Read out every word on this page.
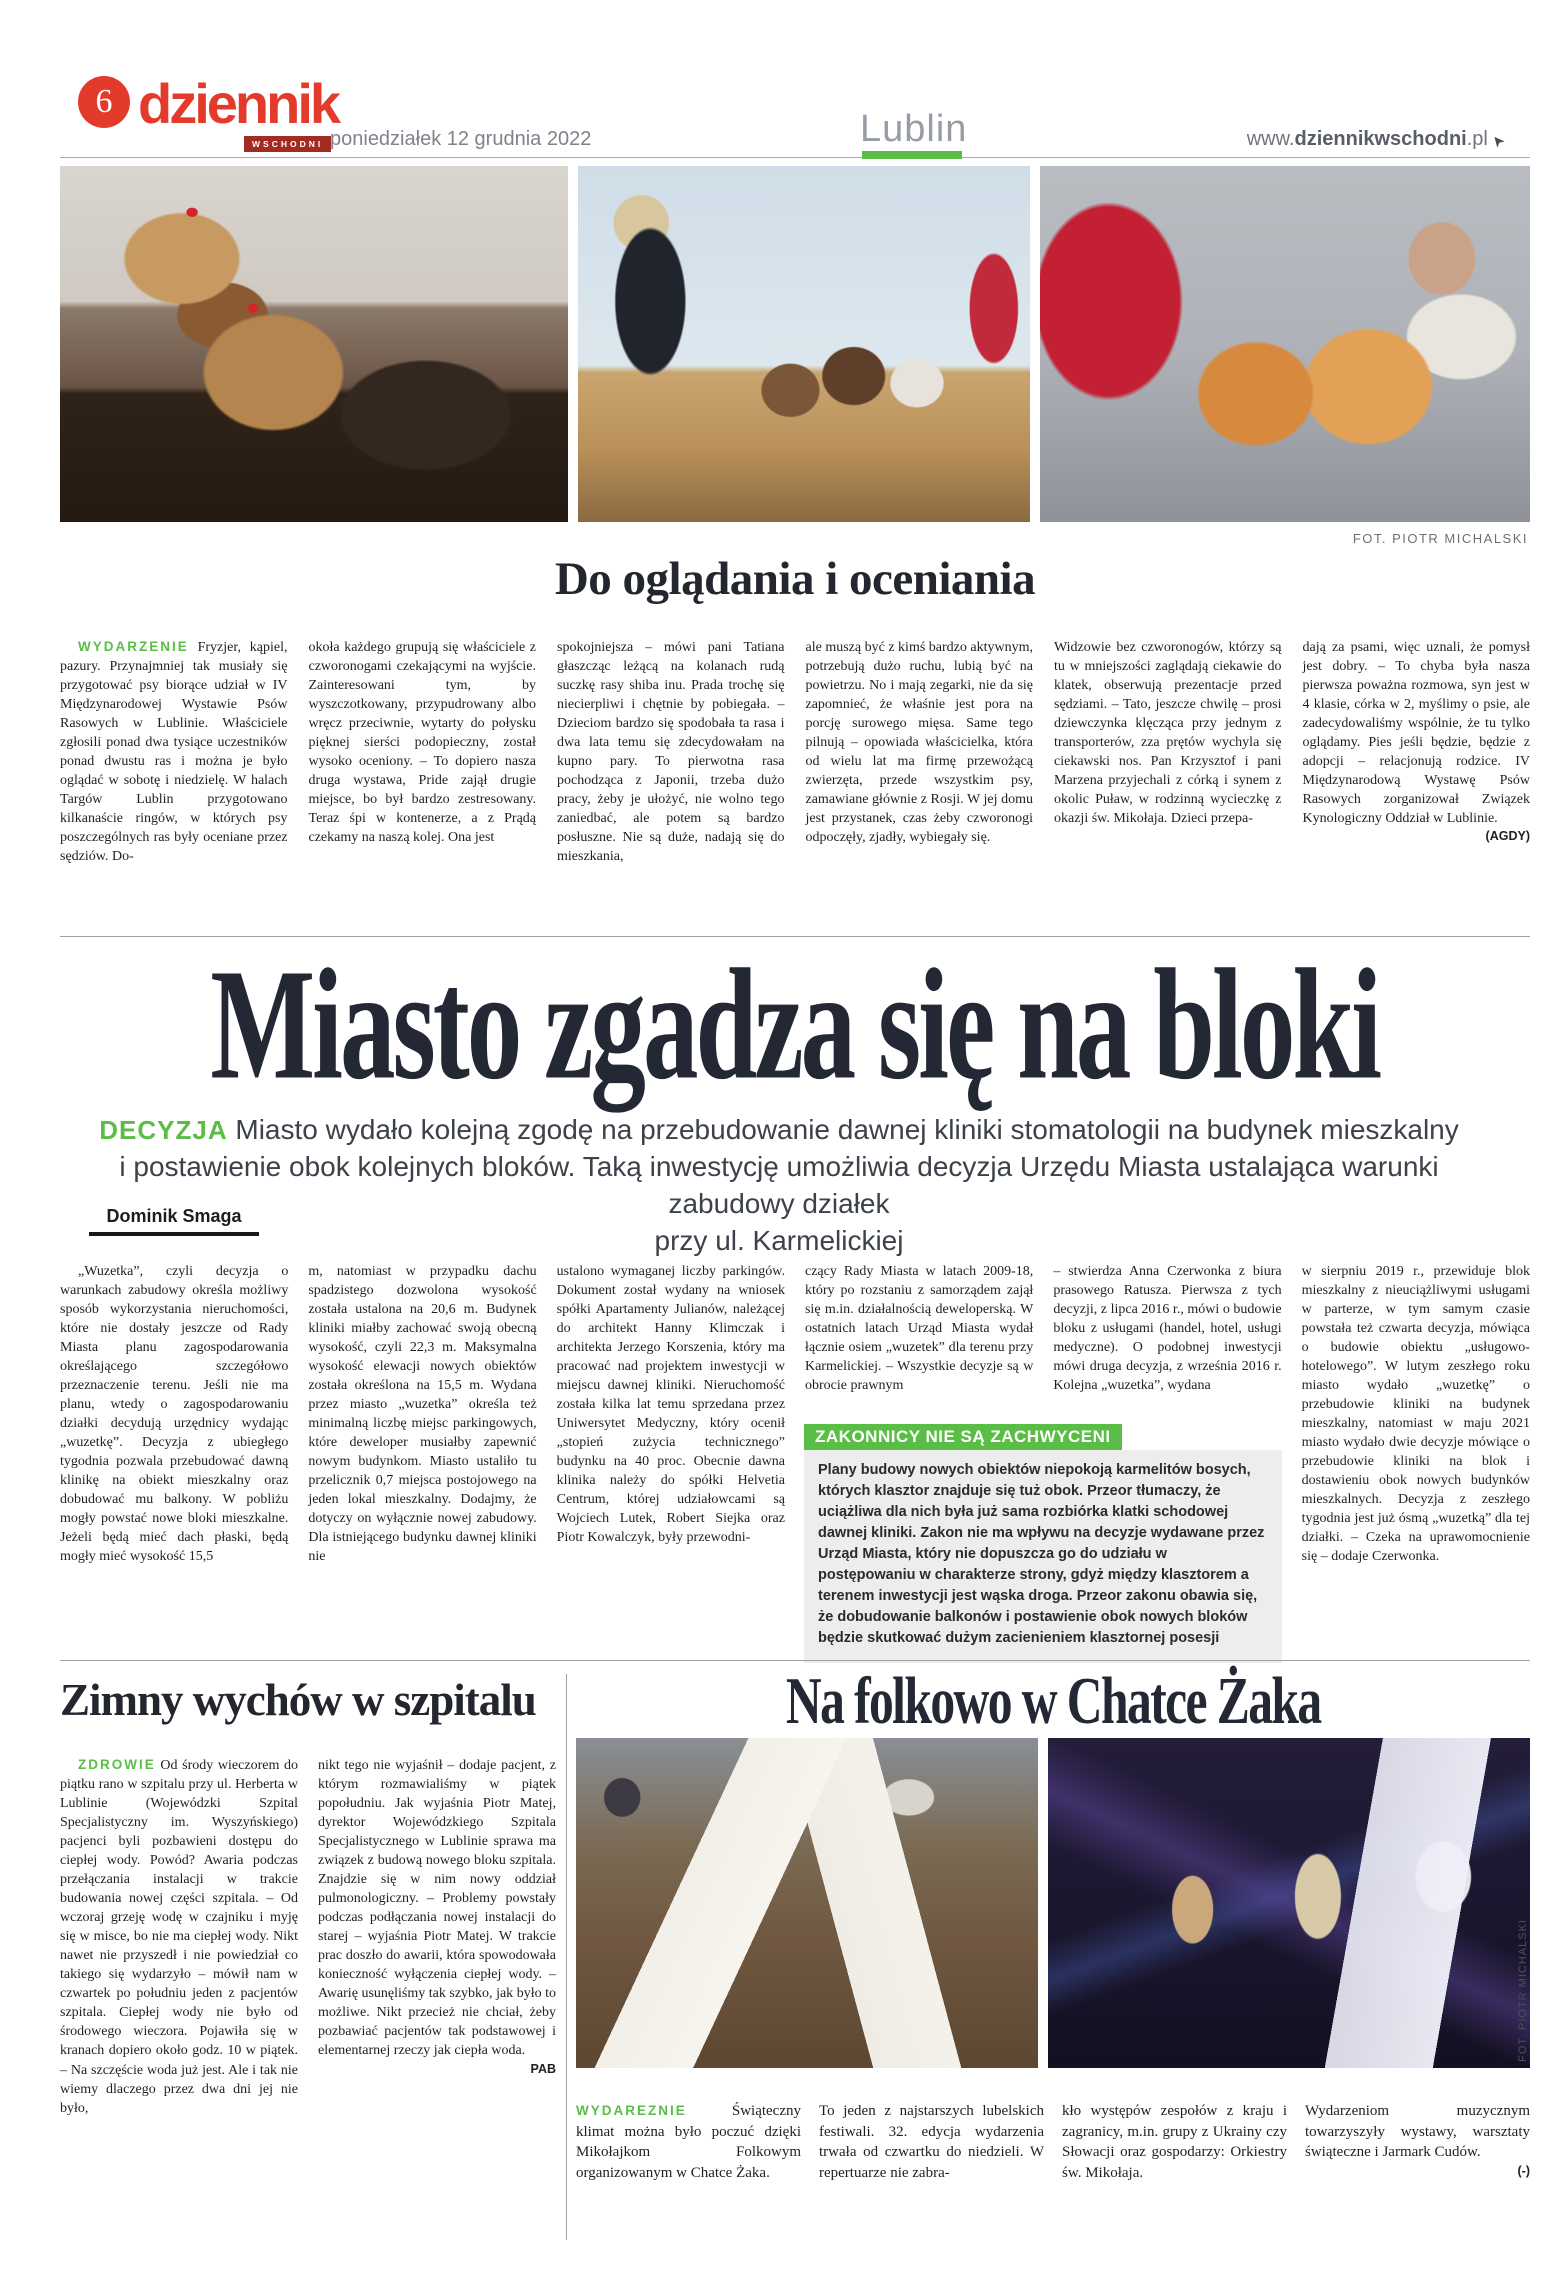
6 dziennik
WSCHODNI poniedziałek 12 grudnia 2022	Lublin	www.dziennikwschodni.pl ➤
FOT. PIOTR MICHALSKI
Do oglądania i oceniania

WYDARZENIE Fryzjer, kąpiel, pazury. Przynajmniej tak musiały się przygotować psy biorące udział w IV Międzynarodowej Wystawie Psów Rasowych w Lublinie. Właściciele zgłosili ponad dwa tysiące uczestników ponad dwustu ras i można je było oglądać w sobotę i niedzielę. W halach Targów Lublin przygotowano kilkanaście ringów, w których psy poszczególnych ras były oceniane przez sędziów. Do-

okoła każdego grupują się właściciele z czworonogami czekającymi na wyjście. Zainteresowani tym, by wyszczotkowany, przypudrowany albo wręcz przeciwnie, wytarty do połysku pięknej sierści podopieczny, został wysoko oceniony. – To dopiero nasza druga wystawa, Pride zajął drugie miejsce, bo był bardzo zestresowany. Teraz śpi w kontenerze, a z Prądą czekamy na naszą kolej. Ona jest

spokojniejsza – mówi pani Tatiana głaszcząc leżącą na kolanach rudą suczkę rasy shiba inu. Prada trochę się niecierpliwi i chętnie by pobiegała. – Dzieciom bardzo się spodobała ta rasa i dwa lata temu się zdecydowałam na kupno pary. To pierwotna rasa pochodząca z Japonii, trzeba dużo pracy, żeby je ułożyć, nie wolno tego zaniedbać, ale potem są bardzo posłuszne. Nie są duże, nadają się do mieszkania,

ale muszą być z kimś bardzo aktywnym, potrzebują dużo ruchu, lubią być na powietrzu. No i mają zegarki, nie da się zapomnieć, że właśnie jest pora na porcję surowego mięsa. Same tego pilnują – opowiada właścicielka, która od wielu lat ma firmę przewożącą zwierzęta, przede wszystkim psy, zamawiane głównie z Rosji. W jej domu jest przystanek, czas żeby czworonogi odpoczęły, zjadły, wybiegały się.

Widzowie bez czworonogów, którzy są tu w mniejszości zaglądają ciekawie do klatek, obserwują prezentacje przed sędziami. – Tato, jeszcze chwilę – prosi dziewczynka klęcząca przy jednym z transporterów, zza prętów wychyla się ciekawski nos. Pan Krzysztof i pani Marzena przyjechali z córką i synem z okolic Puław, w rodzinną wycieczkę z okazji św. Mikołaja. Dzieci przepa-

dają za psami, więc uznali, że pomysł jest dobry. – To chyba była nasza pierwsza poważna rozmowa, syn jest w 4 klasie, córka w 2, myślimy o psie, ale zadecydowaliśmy wspólnie, że tu tylko oglądamy. Pies jeśli będzie, będzie z adopcji – relacjonują rodzice. IV Międzynarodową Wystawę Psów Rasowych zorganizował Związek Kynologiczny Oddział w Lublinie.
(AGDY)

Miasto zgadza się na bloki
DECYZJA Miasto wydało kolejną zgodę na przebudowanie dawnej kliniki stomatologii na budynek mieszkalny
i postawienie obok kolejnych bloków. Taką inwestycję umożliwia decyzja Urzędu Miasta ustalająca warunki zabudowy działek
przy ul. Karmelickiej
Dominik Smaga

„Wuzetka”, czyli decyzja o warunkach zabudowy określa możliwy sposób wykorzystania nieruchomości, które nie dostały jeszcze od Rady Miasta planu zagospodarowania określającego szczegółowo przeznaczenie terenu. Jeśli nie ma planu, wtedy o zagospodarowaniu działki decydują urzędnicy wydając „wuzetkę”. Decyzja z ubiegłego tygodnia pozwala przebudować dawną klinikę na obiekt mieszkalny oraz dobudować mu balkony. W pobliżu mogły powstać nowe bloki mieszkalne. Jeżeli będą mieć dach płaski, będą mogły mieć wysokość 15,5

m, natomiast w przypadku dachu spadzistego dozwolona wysokość została ustalona na 20,6 m. Budynek kliniki miałby zachować swoją obecną wysokość, czyli 22,3 m. Maksymalna wysokość elewacji nowych obiektów została określona na 15,5 m. Wydana przez miasto „wuzetka” określa też minimalną liczbę miejsc parkingowych, które deweloper musiałby zapewnić nowym budynkom. Miasto ustaliło tu przelicznik 0,7 miejsca postojowego na jeden lokal mieszkalny. Dodajmy, że dotyczy on wyłącznie nowej zabudowy. Dla istniejącego budynku dawnej kliniki nie

ustalono wymaganej liczby parkingów. Dokument został wydany na wniosek spółki Apartamenty Julianów, należącej do architekt Hanny Klimczak i architekta Jerzego Korszenia, który ma pracować nad projektem inwestycji w miejscu dawnej kliniki. Nieruchomość została kilka lat temu sprzedana przez Uniwersytet Medyczny, który ocenił „stopień zużycia technicznego” budynku na 40 proc. Obecnie dawna klinika należy do spółki Helvetia Centrum, której udziałowcami są Wojciech Lutek, Robert Siejka oraz Piotr Kowalczyk, były przewodni-

czący Rady Miasta w latach 2009-18, który po rozstaniu z samorządem zajął się m.in. działalnością deweloperską. W ostatnich latach Urząd Miasta wydał łącznie osiem „wuzetek” dla terenu przy Karmelickiej. – Wszystkie decyzje są w obrocie prawnym

– stwierdza Anna Czerwonka z biura prasowego Ratusza. Pierwsza z tych decyzji, z lipca 2016 r., mówi o budowie bloku z usługami (handel, hotel, usługi medyczne). O podobnej inwestycji mówi druga decyzja, z września 2016 r. Kolejna „wuzetka”, wydana

w sierpniu 2019 r., przewiduje blok mieszkalny z nieuciążliwymi usługami w parterze, w tym samym czasie powstała też czwarta decyzja, mówiąca o budowie obiektu „usługowo-hotelowego”. W lutym zeszłego roku miasto wydało „wuzetkę” o przebudowie kliniki na budynek mieszkalny, natomiast w maju 2021 miasto wydało dwie decyzje mówiące o przebudowie kliniki na blok i dostawieniu obok nowych budynków mieszkalnych. Decyzja z zeszłego tygodnia jest już ósmą „wuzetką” dla tej działki. – Czeka na uprawomocnienie się – dodaje Czerwonka.

ZAKONNICY NIE SĄ ZACHWYCENI
Plany budowy nowych obiektów niepokoją karmelitów bosych, których klasztor znajduje się tuż obok. Przeor tłumaczy, że uciążliwa dla nich była już sama rozbiórka klatki schodowej dawnej kliniki. Zakon nie ma wpływu na decyzje wydawane przez Urząd Miasta, który nie dopuszcza go do udziału w postępowaniu w charakterze strony, gdyż między klasztorem a terenem inwestycji jest wąska droga. Przeor zakonu obawia się, że dobudowanie balkonów i postawienie obok nowych bloków będzie skutkować dużym zacienieniem klasztornej posesji
Zimny wychów w szpitalu

ZDROWIE Od środy wieczorem do piątku rano w szpitalu przy ul. Herberta w Lublinie (Wojewódzki Szpital Specjalistyczny im. Wyszyńskiego) pacjenci byli pozbawieni dostępu do ciepłej wody. Powód? Awaria podczas przełączania instalacji w trakcie budowania nowej części szpitala. – Od wczoraj grzeję wodę w czajniku i myję się w misce, bo nie ma ciepłej wody. Nikt nawet nie przyszedł i nie powiedział co takiego się wydarzyło – mówił nam w czwartek po południu jeden z pacjentów szpitala. Ciepłej wody nie było od środowego wieczora. Pojawiła się w kranach dopiero około godz. 10 w piątek. – Na szczęście woda już jest. Ale i tak nie wiemy dlaczego przez dwa dni jej nie było,

nikt tego nie wyjaśnił – dodaje pacjent, z którym rozmawialiśmy w piątek popołudniu. Jak wyjaśnia Piotr Matej, dyrektor Wojewódzkiego Szpitala Specjalistycznego w Lublinie sprawa ma związek z budową nowego bloku szpitala. Znajdzie się w nim nowy oddział pulmonologiczny. – Problemy powstały podczas podłączania nowej instalacji do starej – wyjaśnia Piotr Matej. W trakcie prac doszło do awarii, która spowodowała konieczność wyłączenia ciepłej wody. – Awarię usunęliśmy tak szybko, jak było to możliwe. Nikt przecież nie chciał, żeby pozbawiać pacjentów tak podstawowej i elementarnej rzeczy jak ciepła woda.
PAB

Na folkowo w Chatce Żaka
FOT. PIOTR MICHALSKI

WYDAREZNIE	Świąteczny klimat można było poczuć dzięki Mikołajkom Folkowym organizowanym w Chatce Żaka.

To jeden z najstarszych lubelskich festiwali. 32. edycja wydarzenia trwała od czwartku do niedzieli. W repertuarze nie zabra-

kło występów zespołów z kraju i zagranicy, m.in. grupy z Ukrainy czy Słowacji oraz gospodarzy: Orkiestry św. Mikołaja.

Wydarzeniom muzycznym towarzyszyły wystawy, warsztaty świąteczne i Jarmark Cudów.
(-)
